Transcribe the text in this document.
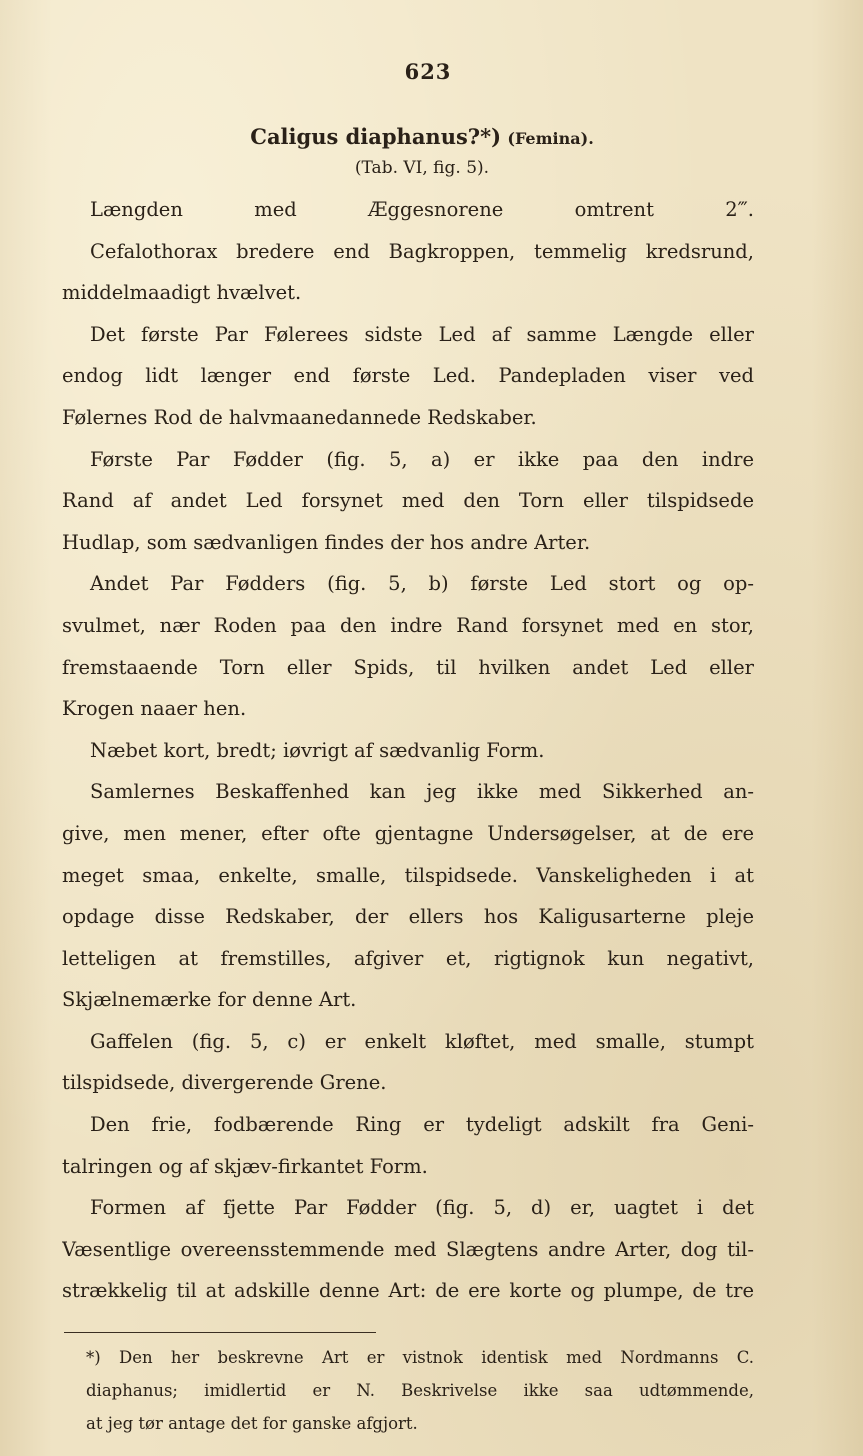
623
Caligus diaphanus?*) (Femina).
(Tab. VI, fig. 5).
Længden med Æggesnorene omtrent 2‴.
Cefalothorax bredere end Bagkroppen, temmelig kredsrund,
middelmaadigt hvælvet.
Det første Par Følerees sidste Led af samme Længde eller
endog lidt længer end første Led. Pandepladen viser ved
Følernes Rod de halvmaanedannede Redskaber.
Første Par Fødder (fig. 5, a) er ikke paa den indre
Rand af andet Led forsynet med den Torn eller tilspidsede
Hudlap, som sædvanligen findes der hos andre Arter.
Andet Par Fødders (fig. 5, b) første Led stort og op-
svulmet, nær Roden paa den indre Rand forsynet med en stor,
fremstaaende Torn eller Spids, til hvilken andet Led eller
Krogen naaer hen.
Næbet kort, bredt; iøvrigt af sædvanlig Form.
Samlernes Beskaffenhed kan jeg ikke med Sikkerhed an-
give, men mener, efter ofte gjentagne Undersøgelser, at de ere
meget smaa, enkelte, smalle, tilspidsede. Vanskeligheden i at
opdage disse Redskaber, der ellers hos Kaligusarterne pleje
letteligen at fremstilles, afgiver et, rigtignok kun negativt,
Skjælnemærke for denne Art.
Gaffelen (fig. 5, c) er enkelt kløftet, med smalle, stumpt
tilspidsede, divergerende Grene.
Den frie, fodbærende Ring er tydeligt adskilt fra Geni-
talringen og af skjæv-firkantet Form.
Formen af fjette Par Fødder (fig. 5, d) er, uagtet i det
Væsentlige overeensstemmende med Slægtens andre Arter, dog til-
strækkelig til at adskille denne Art: de ere korte og plumpe, de tre
*) Den her beskrevne Art er vistnok identisk med Nordmanns C.
diaphanus; imidlertid er N. Beskrivelse ikke saa udtømmende,
at jeg tør antage det for ganske afgjort.
